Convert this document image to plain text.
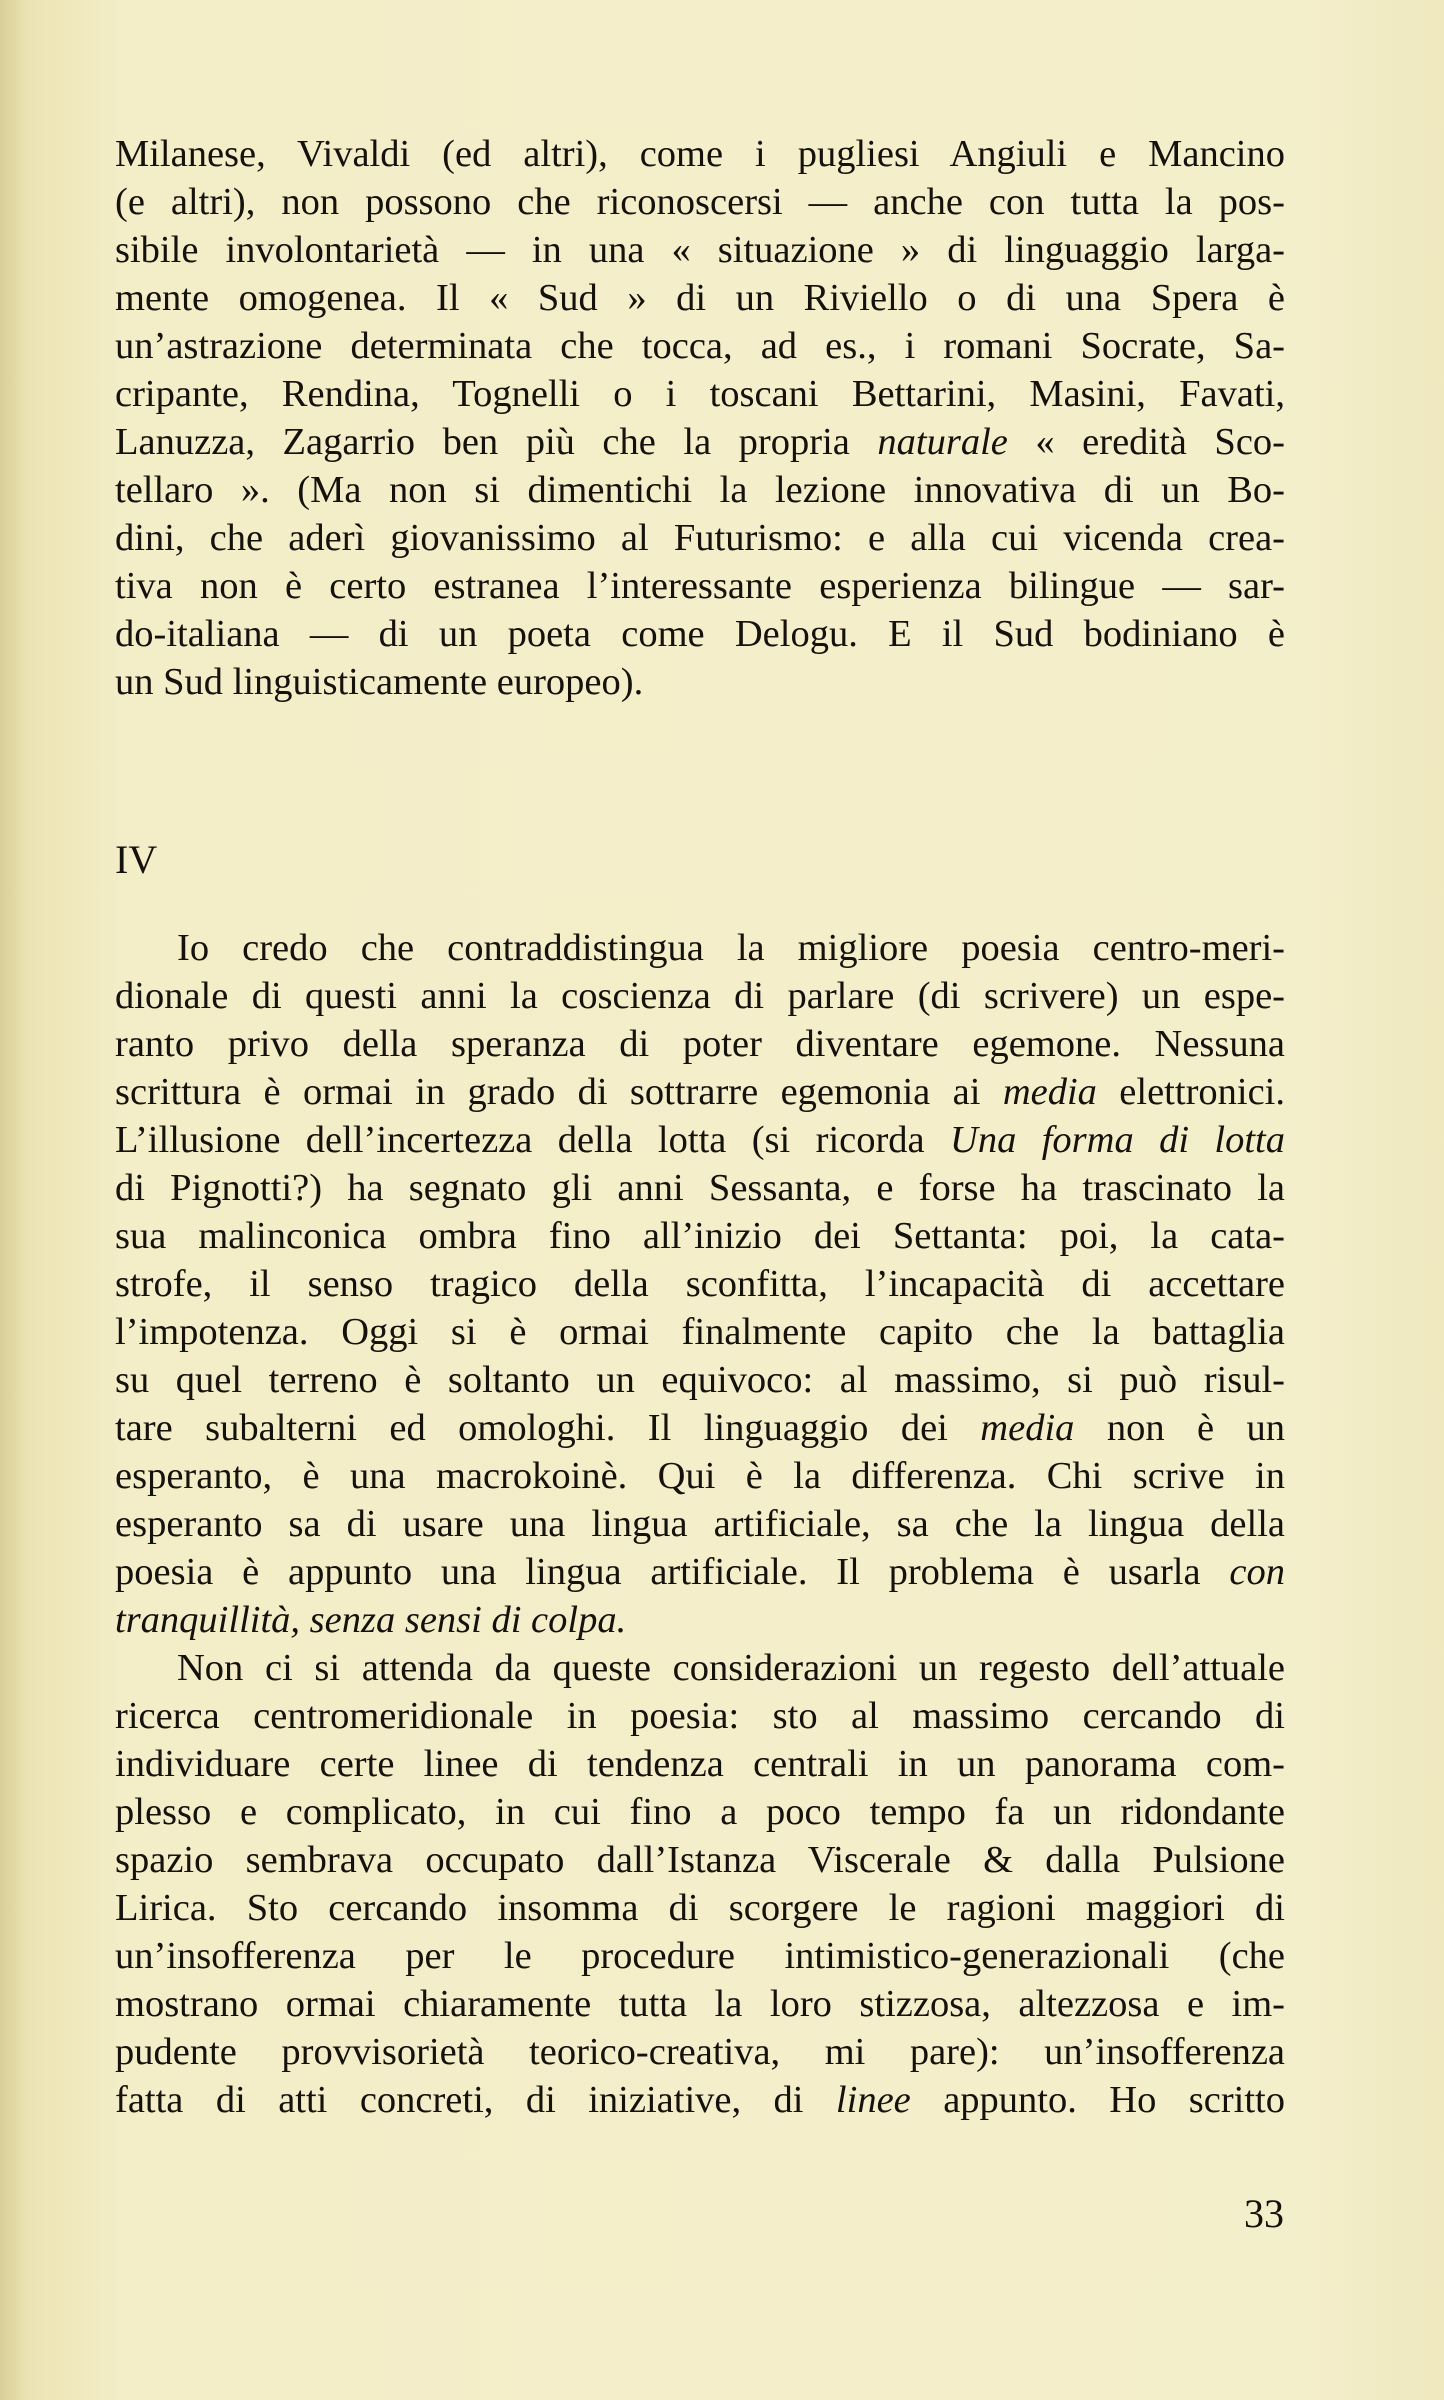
Milanese, Vivaldi (ed altri), come i pugliesi Angiuli e Mancino
(e altri), non possono che riconoscersi — anche con tutta la pos-
sibile involontarietà — in una « situazione » di linguaggio larga-
mente omogenea. Il « Sud » di un Riviello o di una Spera è
un’astrazione determinata che tocca, ad es., i romani Socrate, Sa-
cripante, Rendina, Tognelli o i toscani Bettarini, Masini, Favati,
Lanuzza, Zagarrio ben più che la propria naturale « eredità Sco-
tellaro ». (Ma non si dimentichi la lezione innovativa di un Bo-
dini, che aderì giovanissimo al Futurismo: e alla cui vicenda crea-
tiva non è certo estranea l’interessante esperienza bilingue — sar-
do-italiana — di un poeta come Delogu. E il Sud bodiniano è
un Sud linguisticamente europeo).
IV
Io credo che contraddistingua la migliore poesia centro-meri-
dionale di questi anni la coscienza di parlare (di scrivere) un espe-
ranto privo della speranza di poter diventare egemone. Nessuna
scrittura è ormai in grado di sottrarre egemonia ai media elettronici.
L’illusione dell’incertezza della lotta (si ricorda Una forma di lotta
di Pignotti?) ha segnato gli anni Sessanta, e forse ha trascinato la
sua malinconica ombra fino all’inizio dei Settanta: poi, la cata-
strofe, il senso tragico della sconfitta, l’incapacità di accettare
l’impotenza. Oggi si è ormai finalmente capito che la battaglia
su quel terreno è soltanto un equivoco: al massimo, si può risul-
tare subalterni ed omologhi. Il linguaggio dei media non è un
esperanto, è una macrokoinè. Qui è la differenza. Chi scrive in
esperanto sa di usare una lingua artificiale, sa che la lingua della
poesia è appunto una lingua artificiale. Il problema è usarla con
tranquillità, senza sensi di colpa.
Non ci si attenda da queste considerazioni un regesto dell’attuale
ricerca centromeridionale in poesia: sto al massimo cercando di
individuare certe linee di tendenza centrali in un panorama com-
plesso e complicato, in cui fino a poco tempo fa un ridondante
spazio sembrava occupato dall’Istanza Viscerale & dalla Pulsione
Lirica. Sto cercando insomma di scorgere le ragioni maggiori di
un’insofferenza per le procedure intimistico-generazionali (che
mostrano ormai chiaramente tutta la loro stizzosa, altezzosa e im-
pudente provvisorietà teorico-creativa, mi pare): un’insofferenza
fatta di atti concreti, di iniziative, di linee appunto. Ho scritto
33
